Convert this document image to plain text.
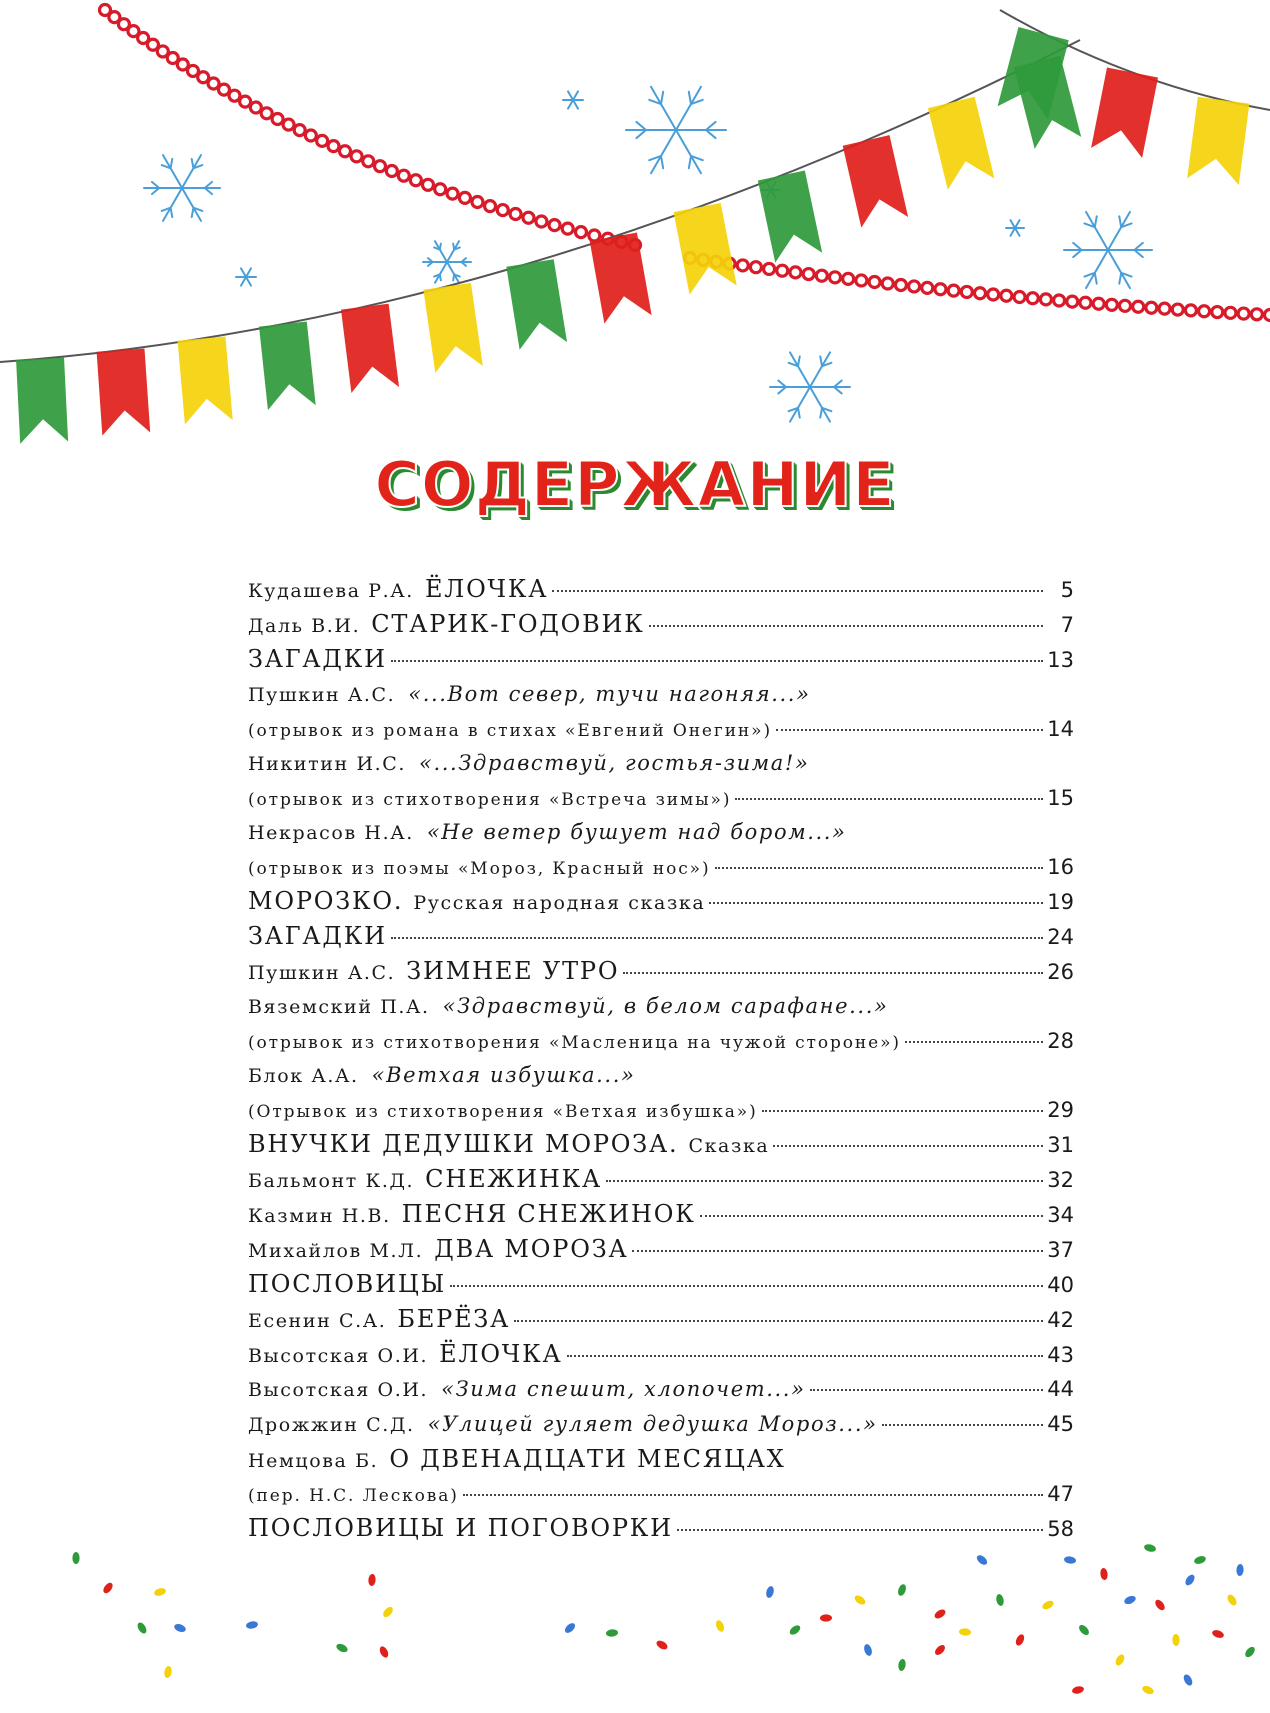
СОДЕРЖАНИЕ
Кудашева Р.А. ЁЛОЧКА	5
Даль В.И. СТАРИК-ГОДОВИК	7
ЗАГАДКИ	13
Пушкин А.С. «...Вот север, тучи нагоняя...»
(отрывок из романа в стихах «Евгений Онегин»)	14
Никитин И.С. «...Здравствуй, гостья-зима!»
(отрывок из стихотворения «Встреча зимы»)	15
Некрасов Н.А. «Не ветер бушует над бором...»
(отрывок из поэмы «Мороз, Красный нос»)	16
МОРОЗКО. Русская народная сказка	19
ЗАГАДКИ	24
Пушкин А.С. ЗИМНЕЕ УТРО	26
Вяземский П.А. «Здравствуй, в белом сарафане...»
(отрывок из стихотворения «Масленица на чужой стороне»)	28
Блок А.А. «Ветхая избушка...»
(Отрывок из стихотворения «Ветхая избушка»)	29
ВНУЧКИ ДЕДУШКИ МОРОЗА. Сказка	31
Бальмонт К.Д. СНЕЖИНКА	32
Казмин Н.В. ПЕСНЯ СНЕЖИНОК	34
Михайлов М.Л. ДВА МОРОЗА	37
ПОСЛОВИЦЫ	40
Есенин С.А. БЕРЁЗА	42
Высотская О.И. ЁЛОЧКА	43
Высотская О.И. «Зима спешит, хлопочет...»	44
Дрожжин С.Д. «Улицей гуляет дедушка Мороз...»	45
Немцова Б. О ДВЕНАДЦАТИ МЕСЯЦАХ
(пер. Н.С. Лескова)	47
ПОСЛОВИЦЫ И ПОГОВОРКИ	58
